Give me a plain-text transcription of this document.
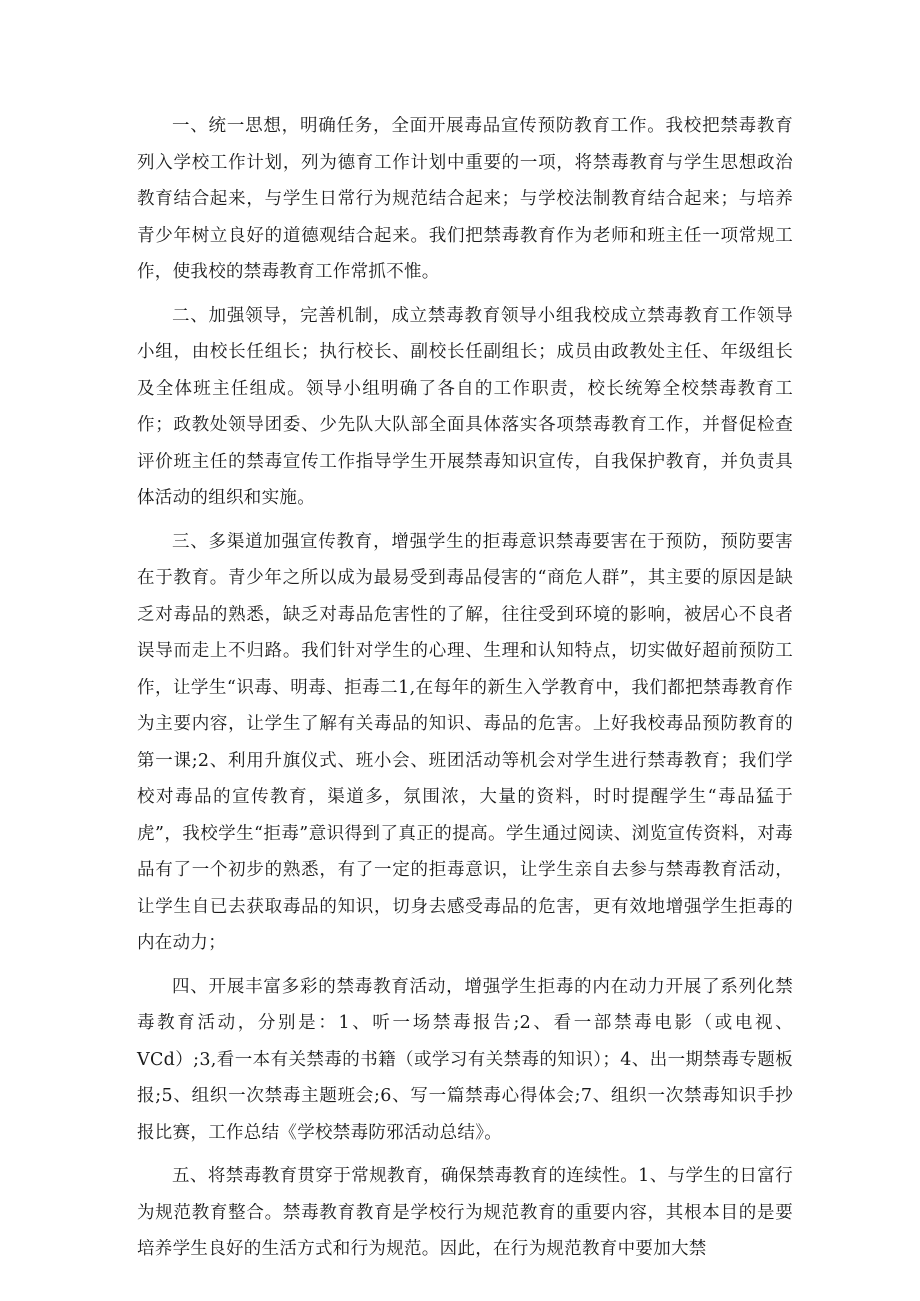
一、统一思想，明确任务，全面开展毒品宣传预防教育工作。我校把禁毒教育列入学校工作计划，列为德育工作计划中重要的一项，将禁毒教育与学生思想政治教育结合起来，与学生日常行为规范结合起来；与学校法制教育结合起来；与培养青少年树立良好的道德观结合起来。我们把禁毒教育作为老师和班主任一项常规工作，使我校的禁毒教育工作常抓不惟。

二、加强领导，完善机制，成立禁毒教育领导小组我校成立禁毒教育工作领导小组，由校长任组长；执行校长、副校长任副组长；成员由政教处主任、年级组长及全体班主任组成。领导小组明确了各自的工作职责，校长统筹全校禁毒教育工作；政教处领导团委、少先队大队部全面具体落实各项禁毒教育工作，并督促检查评价班主任的禁毒宣传工作指导学生开展禁毒知识宣传，自我保护教育，并负责具体活动的组织和实施。

三、多渠道加强宣传教育，增强学生的拒毒意识禁毒要害在于预防，预防要害在于教育。青少年之所以成为最易受到毒品侵害的“商危人群”，其主要的原因是缺乏对毒品的熟悉，缺乏对毒品危害性的了解，往往受到环境的影响，被居心不良者误导而走上不归路。我们针对学生的心理、生理和认知特点，切实做好超前预防工作，让学生“识毒、明毒、拒毒二1,在每年的新生入学教育中，我们都把禁毒教育作为主要内容，让学生了解有关毒品的知识、毒品的危害。上好我校毒品预防教育的第一课;2、利用升旗仪式、班小会、班团活动等机会对学生进行禁毒教育；我们学校对毒品的宣传教育，渠道多，氛围浓，大量的资料，时时提醒学生“毒品猛于虎”，我校学生“拒毒”意识得到了真正的提高。学生通过阅读、浏览宣传资料，对毒品有了一个初步的熟悉，有了一定的拒毒意识，让学生亲自去参与禁毒教育活动，让学生自已去获取毒品的知识，切身去感受毒品的危害，更有效地增强学生拒毒的内在动力；

四、开展丰富多彩的禁毒教育活动，增强学生拒毒的内在动力开展了系列化禁毒教育活动，分别是：1、听一场禁毒报告;2、看一部禁毒电影（或电视、VCd）;3,看一本有关禁毒的书籍（或学习有关禁毒的知识）；4、出一期禁毒专题板报;5、组织一次禁毒主题班会;6、写一篇禁毒心得体会;7、组织一次禁毒知识手抄报比赛，工作总结《学校禁毒防邪活动总结》。

五、将禁毒教育贯穿于常规教育，确保禁毒教育的连续性。1、与学生的日富行为规范教育整合。禁毒教育教育是学校行为规范教育的重要内容，其根本目的是要培养学生良好的生活方式和行为规范。因此，在行为规范教育中要加大禁
